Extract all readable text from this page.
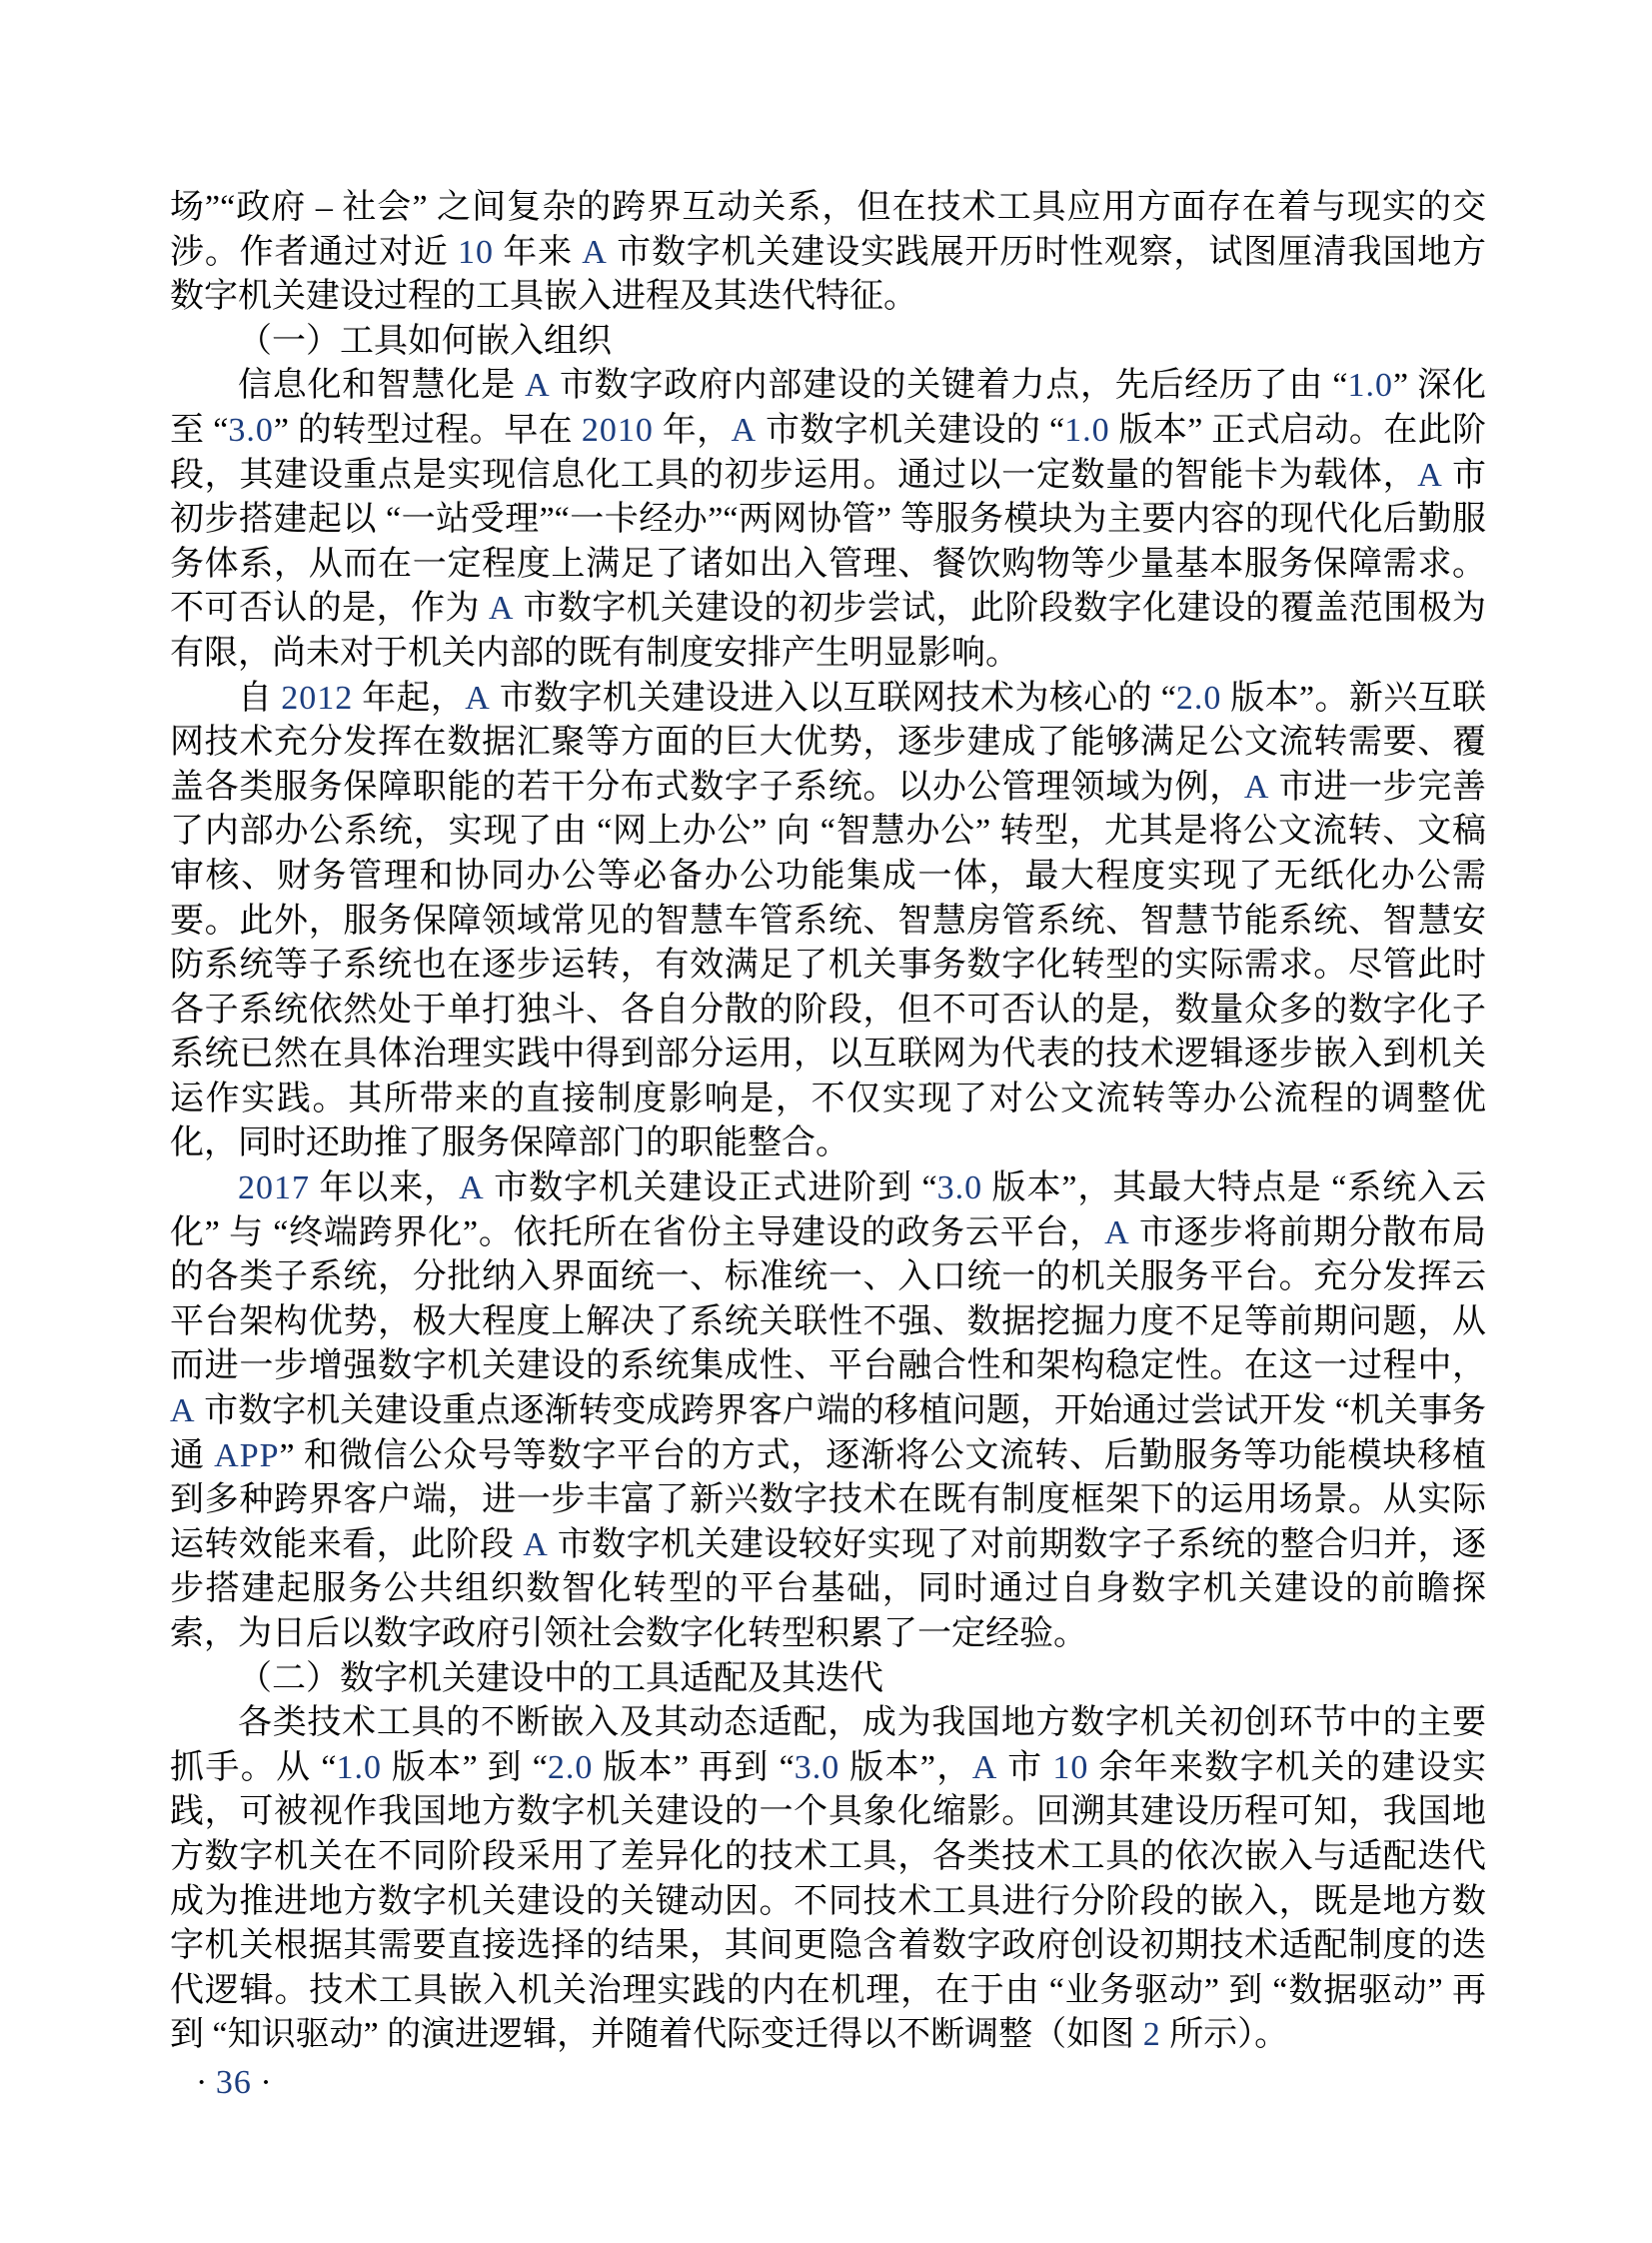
场”“政府 – 社会” 之间复杂的跨界互动关系，但在技术工具应用方面存在着与现实的交涉。作者通过对近 10 年来 A 市数字机关建设实践展开历时性观察，试图厘清我国地方数字机关建设过程的工具嵌入进程及其迭代特征。

（一）工具如何嵌入组织

信息化和智慧化是 A 市数字政府内部建设的关键着力点，先后经历了由 “1.0” 深化至 “3.0” 的转型过程。早在 2010 年，A 市数字机关建设的 “1.0 版本” 正式启动。在此阶段，其建设重点是实现信息化工具的初步运用。通过以一定数量的智能卡为载体，A 市初步搭建起以 “一站受理”“一卡经办”“两网协管” 等服务模块为主要内容的现代化后勤服务体系，从而在一定程度上满足了诸如出入管理、餐饮购物等少量基本服务保障需求。不可否认的是，作为 A 市数字机关建设的初步尝试，此阶段数字化建设的覆盖范围极为有限，尚未对于机关内部的既有制度安排产生明显影响。

自 2012 年起，A 市数字机关建设进入以互联网技术为核心的 “2.0 版本”。新兴互联网技术充分发挥在数据汇聚等方面的巨大优势，逐步建成了能够满足公文流转需要、覆盖各类服务保障职能的若干分布式数字子系统。以办公管理领域为例，A 市进一步完善了内部办公系统，实现了由 “网上办公” 向 “智慧办公” 转型，尤其是将公文流转、文稿审核、财务管理和协同办公等必备办公功能集成一体，最大程度实现了无纸化办公需要。此外，服务保障领域常见的智慧车管系统、智慧房管系统、智慧节能系统、智慧安防系统等子系统也在逐步运转，有效满足了机关事务数字化转型的实际需求。尽管此时各子系统依然处于单打独斗、各自分散的阶段，但不可否认的是，数量众多的数字化子系统已然在具体治理实践中得到部分运用，以互联网为代表的技术逻辑逐步嵌入到机关运作实践。其所带来的直接制度影响是，不仅实现了对公文流转等办公流程的调整优化，同时还助推了服务保障部门的职能整合。

2017 年以来，A 市数字机关建设正式进阶到 “3.0 版本”，其最大特点是 “系统入云化” 与 “终端跨界化”。依托所在省份主导建设的政务云平台，A 市逐步将前期分散布局的各类子系统，分批纳入界面统一、标准统一、入口统一的机关服务平台。充分发挥云平台架构优势，极大程度上解决了系统关联性不强、数据挖掘力度不足等前期问题，从而进一步增强数字机关建设的系统集成性、平台融合性和架构稳定性。在这一过程中，A 市数字机关建设重点逐渐转变成跨界客户端的移植问题，开始通过尝试开发 “机关事务通 APP” 和微信公众号等数字平台的方式，逐渐将公文流转、后勤服务等功能模块移植到多种跨界客户端，进一步丰富了新兴数字技术在既有制度框架下的运用场景。从实际运转效能来看，此阶段 A 市数字机关建设较好实现了对前期数字子系统的整合归并，逐步搭建起服务公共组织数智化转型的平台基础，同时通过自身数字机关建设的前瞻探索，为日后以数字政府引领社会数字化转型积累了一定经验。

（二）数字机关建设中的工具适配及其迭代

各类技术工具的不断嵌入及其动态适配，成为我国地方数字机关初创环节中的主要抓手。从 “1.0 版本” 到 “2.0 版本” 再到 “3.0 版本”，A 市 10 余年来数字机关的建设实践，可被视作我国地方数字机关建设的一个具象化缩影。回溯其建设历程可知，我国地方数字机关在不同阶段采用了差异化的技术工具，各类技术工具的依次嵌入与适配迭代成为推进地方数字机关建设的关键动因。不同技术工具进行分阶段的嵌入，既是地方数字机关根据其需要直接选择的结果，其间更隐含着数字政府创设初期技术适配制度的迭代逻辑。技术工具嵌入机关治理实践的内在机理，在于由 “业务驱动” 到 “数据驱动” 再到 “知识驱动” 的演进逻辑，并随着代际变迁得以不断调整（如图 2 所示）。

· 36 ·
